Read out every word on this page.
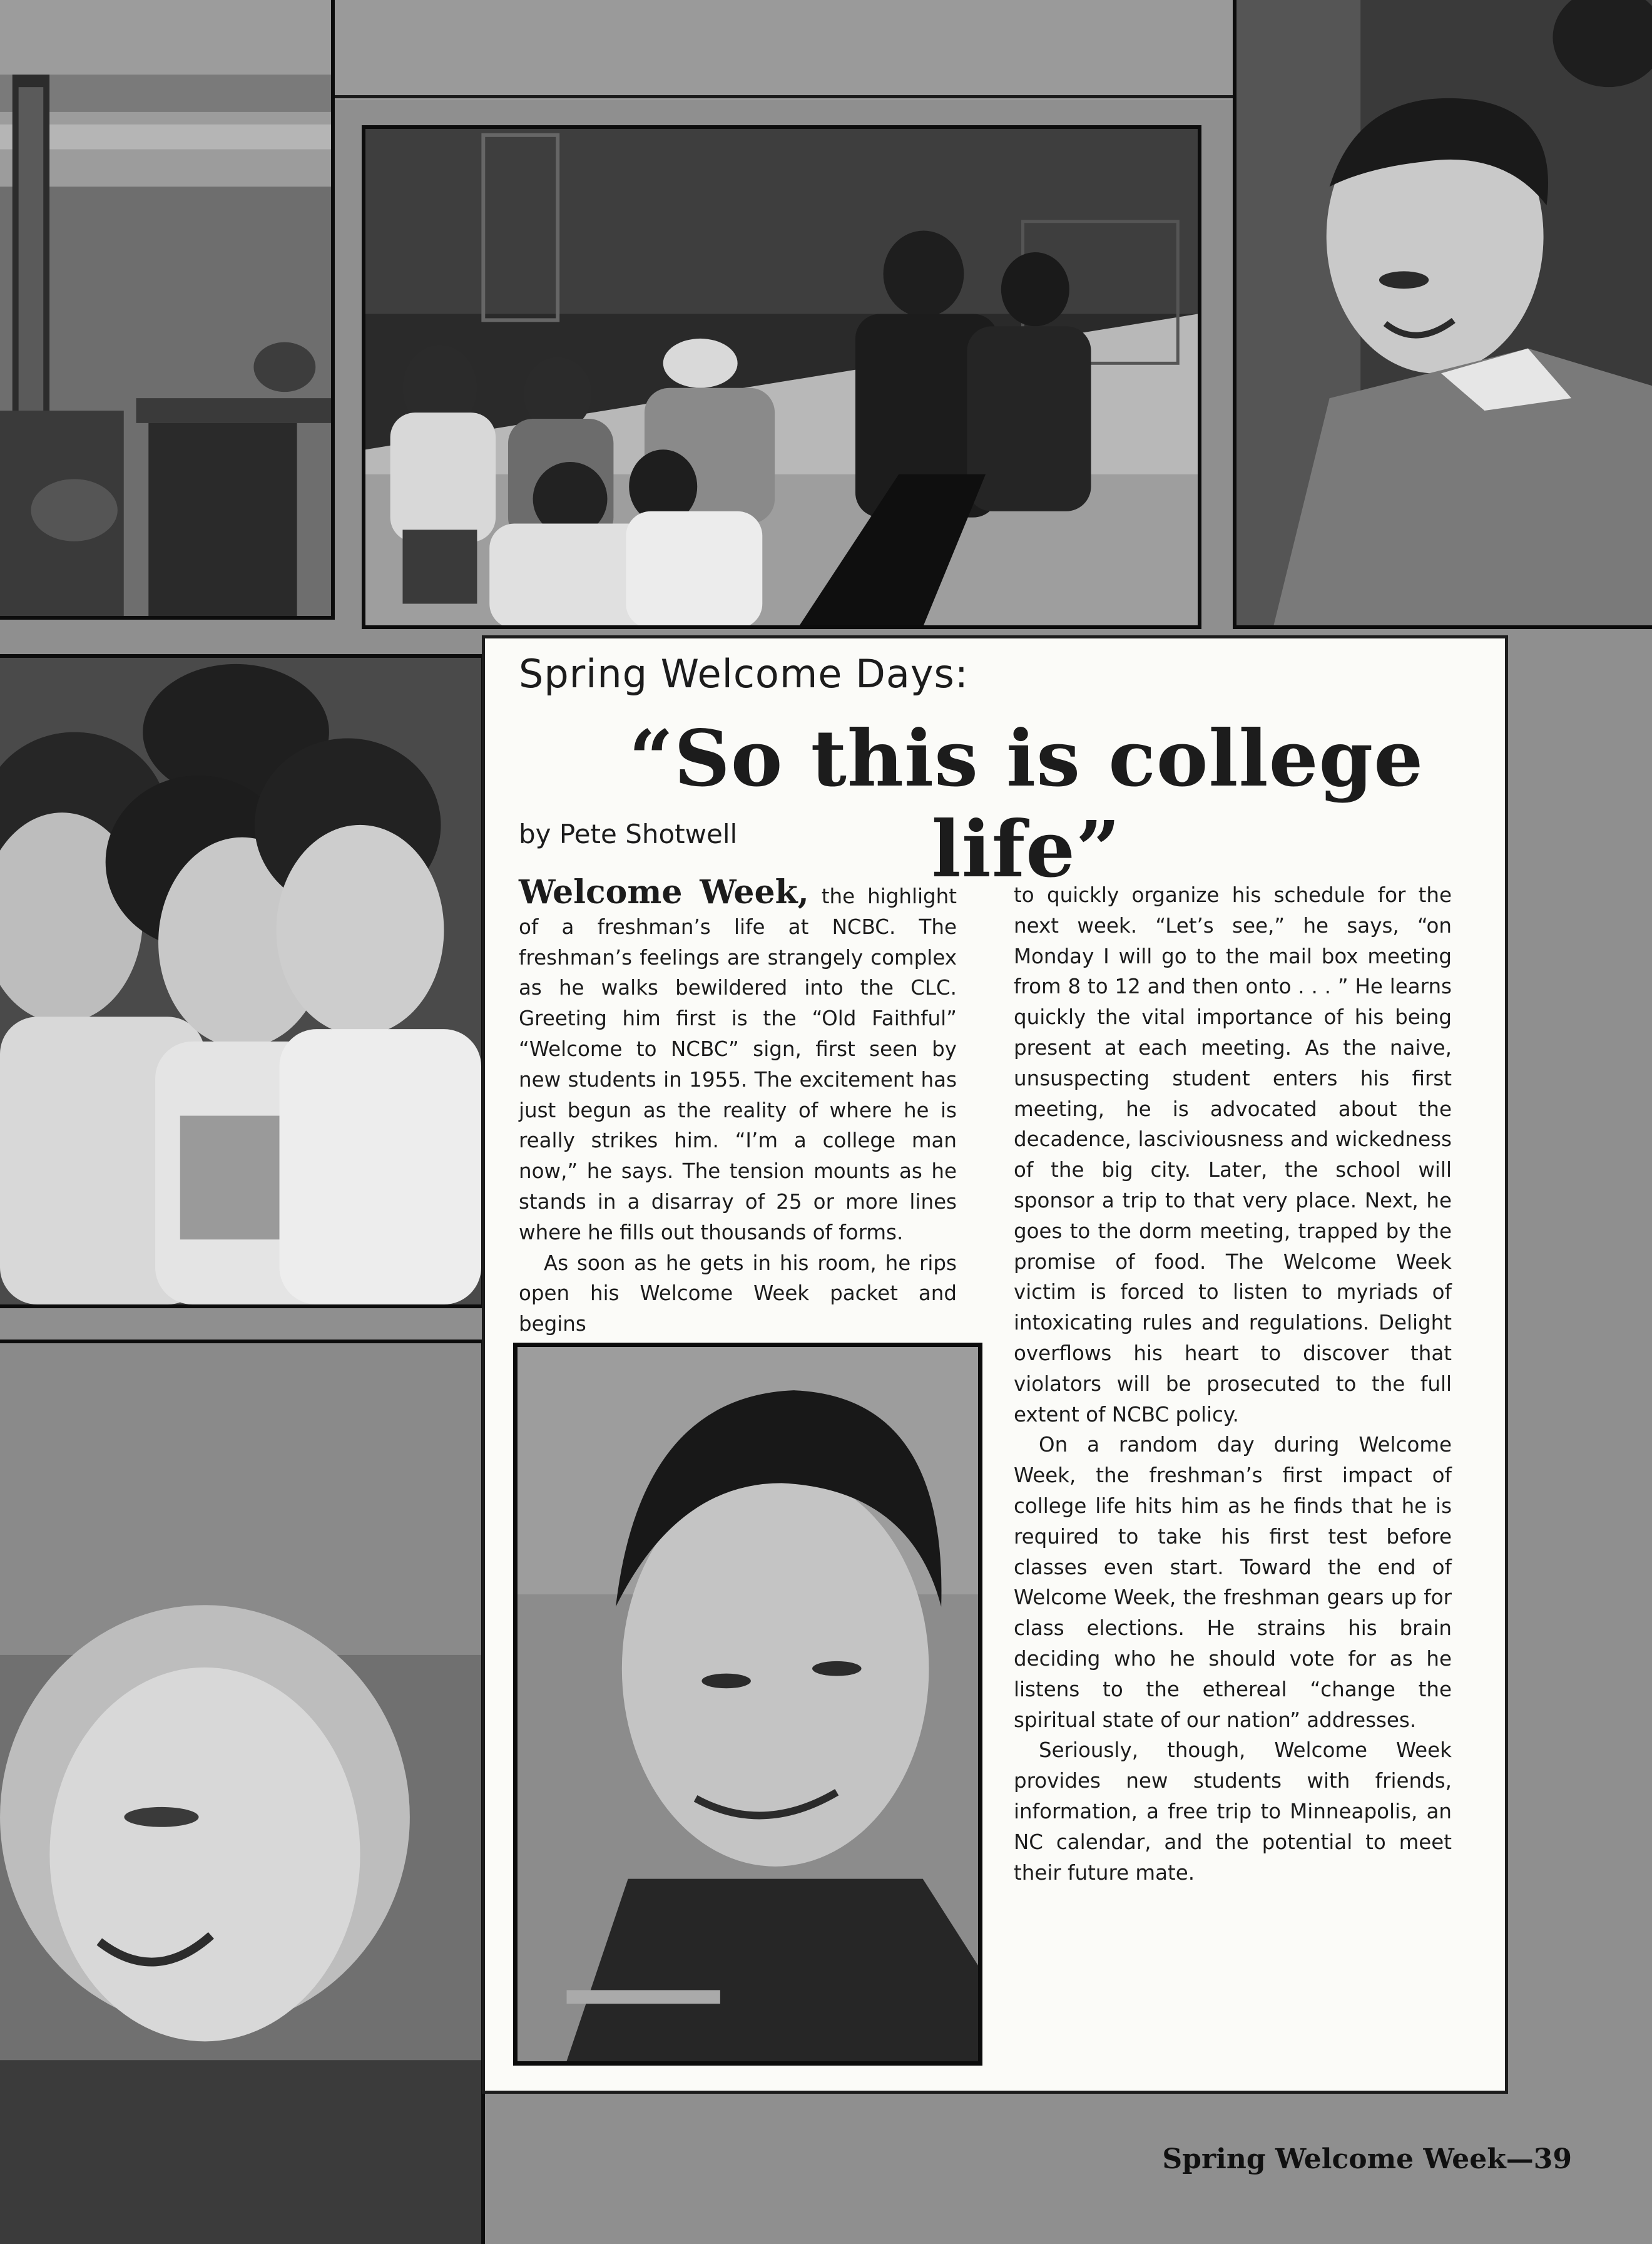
Spring Welcome Days:
“So this is college life”
by Pete Shotwell

Welcome Week, the highlight of a freshman’s life at NCBC. The freshman’s feelings are strangely complex as he walks bewildered into the CLC. Greeting him first is the “Old Faithful” “Welcome to NCBC” sign, first seen by new students in 1955. The excitement has just begun as the reality of where he is really strikes him. “I’m a college man now,” he says. The tension mounts as he stands in a disarray of 25 or more lines where he fills out thousands of forms.

As soon as he gets in his room, he rips open his Welcome Week packet and begins

to quickly organize his schedule for the next week. “Let’s see,” he says, “on Monday I will go to the mail box meeting from 8 to 12 and then onto . . . ” He learns quickly the vital importance of his being present at each meeting. As the naive, unsuspecting student enters his first meeting, he is advocated about the decadence, lasciviousness and wickedness of the big city. Later, the school will sponsor a trip to that very place. Next, he goes to the dorm meeting, trapped by the promise of food. The Welcome Week victim is forced to listen to myriads of intoxicating rules and regulations. Delight overflows his heart to discover that violators will be prosecuted to the full extent of NCBC policy.

On a random day during Welcome Week, the freshman’s first impact of college life hits him as he finds that he is required to take his first test before classes even start. Toward the end of Welcome Week, the freshman gears up for class elections. He strains his brain deciding who he should vote for as he listens to the ethereal “change the spiritual state of our nation” addresses.

Seriously, though, Welcome Week provides new students with friends, information, a free trip to Minneapolis, an NC calendar, and the potential to meet their future mate.

Spring Welcome Week—39
